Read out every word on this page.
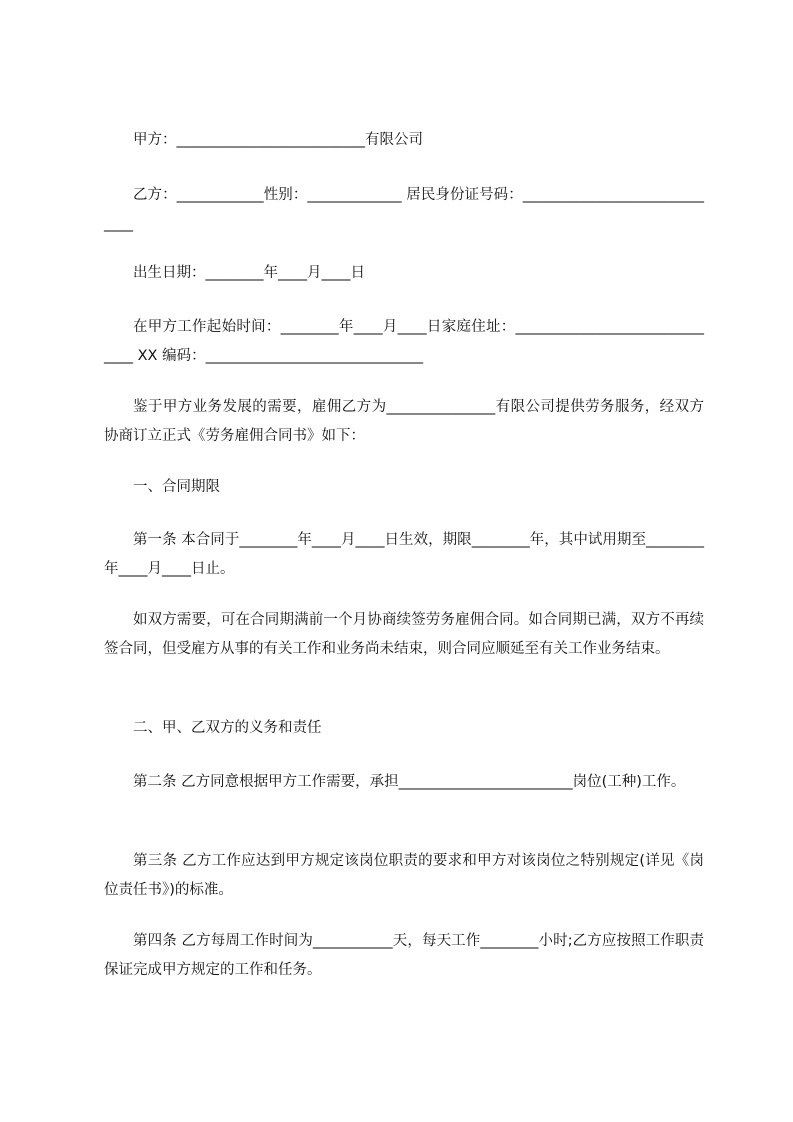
甲方：__________________________有限公司

乙方：____________性别：_____________ 居民身份证号码：_____________________________

出生日期：________年____月____日

在甲方工作起始时间：________年____月____日家庭住址：______________________________ XX 编码：______________________________

鉴于甲方业务发展的需要，雇佣乙方为_______________有限公司提供劳务服务，经双方协商订立正式《劳务雇佣合同书》如下：

一、合同期限

第一条 本合同于________年____月____日生效，期限________年，其中试用期至________年____月____日止。

如双方需要，可在合同期满前一个月协商续签劳务雇佣合同。如合同期已满，双方不再续签合同，但受雇方从事的有关工作和业务尚未结束，则合同应顺延至有关工作业务结束。

二、甲、乙双方的义务和责任

第二条 乙方同意根据甲方工作需要，承担________________________岗位(工种)工作。

第三条 乙方工作应达到甲方规定该岗位职责的要求和甲方对该岗位之特别规定(详见《岗位责任书》)的标准。

第四条 乙方每周工作时间为___________天，每天工作________小时;乙方应按照工作职责保证完成甲方规定的工作和任务。
